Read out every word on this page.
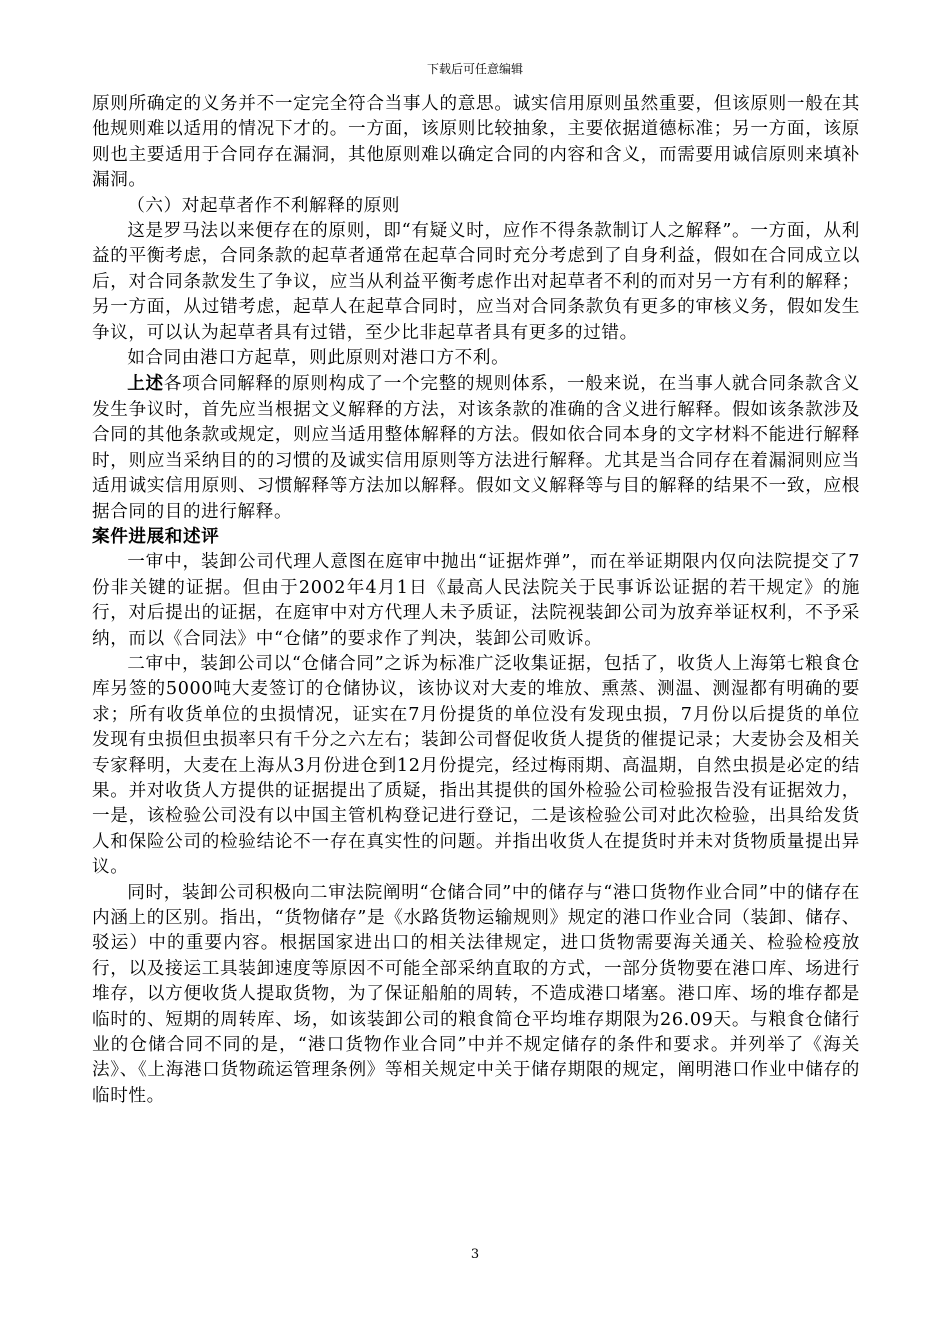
下载后可任意编辑

原则所确定的义务并不一定完全符合当事人的意思。诚实信用原则虽然重要，但该原则一般在其他规则难以适用的情况下才的。一方面，该原则比较抽象，主要依据道德标准；另一方面，该原则也主要适用于合同存在漏洞，其他原则难以确定合同的内容和含义，而需要用诚信原则来填补漏洞。

（六）对起草者作不利解释的原则

这是罗马法以来便存在的原则，即“有疑义时，应作不得条款制订人之解释”。一方面，从利益的平衡考虑，合同条款的起草者通常在起草合同时充分考虑到了自身利益，假如在合同成立以后，对合同条款发生了争议，应当从利益平衡考虑作出对起草者不利的而对另一方有利的解释；另一方面，从过错考虑，起草人在起草合同时，应当对合同条款负有更多的审核义务，假如发生争议，可以认为起草者具有过错，至少比非起草者具有更多的过错。

如合同由港口方起草，则此原则对港口方不利。

上述各项合同解释的原则构成了一个完整的规则体系，一般来说，在当事人就合同条款含义发生争议时，首先应当根据文义解释的方法，对该条款的准确的含义进行解释。假如该条款涉及合同的其他条款或规定，则应当适用整体解释的方法。假如依合同本身的文字材料不能进行解释时，则应当采纳目的的习惯的及诚实信用原则等方法进行解释。尤其是当合同存在着漏洞则应当适用诚实信用原则、习惯解释等方法加以解释。假如文义解释等与目的解释的结果不一致，应根据合同的目的进行解释。

案件进展和述评

一审中，装卸公司代理人意图在庭审中抛出“证据炸弹”，而在举证期限内仅向法院提交了7份非关键的证据。但由于2002年4月1日《最高人民法院关于民事诉讼证据的若干规定》的施行，对后提出的证据，在庭审中对方代理人未予质证，法院视装卸公司为放弃举证权利，不予采纳，而以《合同法》中“仓储”的要求作了判决，装卸公司败诉。

二审中，装卸公司以“仓储合同”之诉为标准广泛收集证据，包括了，收货人上海第七粮食仓库另签的5000吨大麦签订的仓储协议，该协议对大麦的堆放、熏蒸、测温、测湿都有明确的要求；所有收货单位的虫损情况，证实在7月份提货的单位没有发现虫损，7月份以后提货的单位发现有虫损但虫损率只有千分之六左右；装卸公司督促收货人提货的催提记录；大麦协会及相关专家释明，大麦在上海从3月份进仓到12月份提完，经过梅雨期、高温期，自然虫损是必定的结果。并对收货人方提供的证据提出了质疑，指出其提供的国外检验公司检验报告没有证据效力，一是，该检验公司没有以中国主管机构登记进行登记，二是该检验公司对此次检验，出具给发货人和保险公司的检验结论不一存在真实性的问题。并指出收货人在提货时并未对货物质量提出异议。

同时，装卸公司积极向二审法院阐明“仓储合同”中的储存与“港口货物作业合同”中的储存在内涵上的区别。指出，“货物储存”是《水路货物运输规则》规定的港口作业合同（装卸、储存、驳运）中的重要内容。根据国家进出口的相关法律规定，进口货物需要海关通关、检验检疫放行，以及接运工具装卸速度等原因不可能全部采纳直取的方式，一部分货物要在港口库、场进行堆存，以方便收货人提取货物，为了保证船舶的周转，不造成港口堵塞。港口库、场的堆存都是临时的、短期的周转库、场，如该装卸公司的粮食简仓平均堆存期限为26.09天。与粮食仓储行业的仓储合同不同的是，“港口货物作业合同”中并不规定储存的条件和要求。并列举了《海关法》、《上海港口货物疏运管理条例》等相关规定中关于储存期限的规定，阐明港口作业中储存的临时性。

3
